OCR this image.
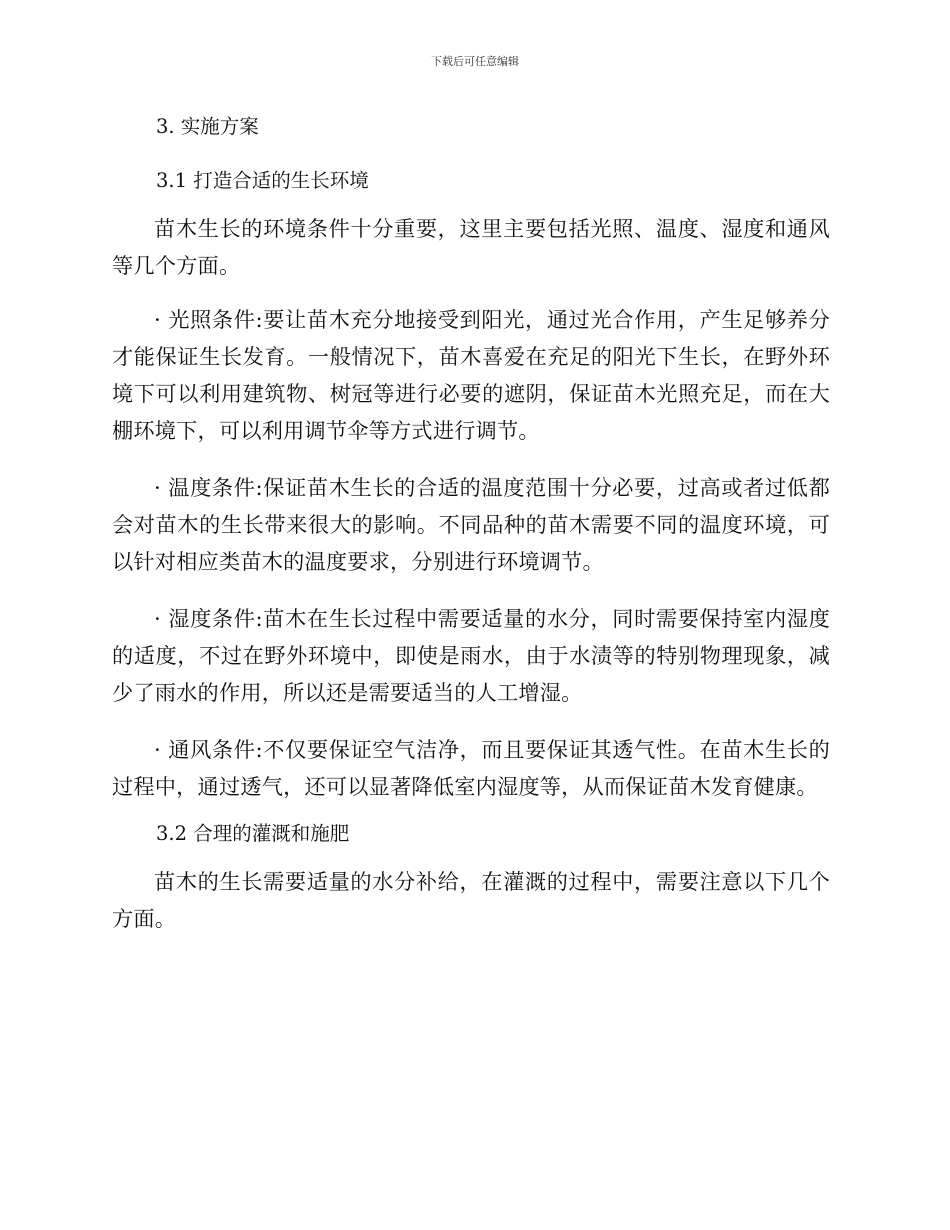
下载后可任意编辑
3. 实施方案
3.1 打造合适的生长环境

苗木生长的环境条件十分重要，这里主要包括光照、温度、湿度和通风等几个方面。

· 光照条件:要让苗木充分地接受到阳光，通过光合作用，产生足够养分才能保证生长发育。一般情况下，苗木喜爱在充足的阳光下生长，在野外环境下可以利用建筑物、树冠等进行必要的遮阴，保证苗木光照充足，而在大棚环境下，可以利用调节伞等方式进行调节。

· 温度条件:保证苗木生长的合适的温度范围十分必要，过高或者过低都会对苗木的生长带来很大的影响。不同品种的苗木需要不同的温度环境，可以针对相应类苗木的温度要求，分别进行环境调节。

· 湿度条件:苗木在生长过程中需要适量的水分，同时需要保持室内湿度的适度，不过在野外环境中，即使是雨水，由于水渍等的特别物理现象，减少了雨水的作用，所以还是需要适当的人工增湿。

· 通风条件:不仅要保证空气洁净，而且要保证其透气性。在苗木生长的过程中，通过透气，还可以显著降低室内湿度等，从而保证苗木发育健康。

3.2 合理的灌溉和施肥

苗木的生长需要适量的水分补给，在灌溉的过程中，需要注意以下几个方面。
